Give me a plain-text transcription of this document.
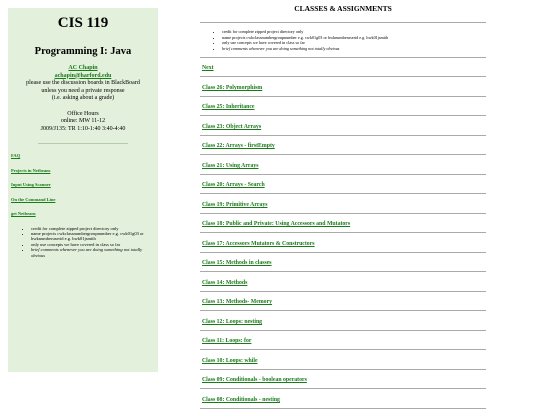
CIS 119
Programming I: Java
AC Chapin
achapin@harford.edu
please use the discussion boards in BlackBoard
unless you need a private response
(i.e. asking about a grade)
Office Hours
online: MW 11-12
J009/J135: TR 1:10-1:40 3:40-4:40
FAQ
Projects in Netbeans
Input Using Scanner
On the Command Line
get Netbeans
• credit for complete zipped project directory only
• name projects cwkclassnumbergroupnumber e.g. cwk01g03 or hwknumberuserid e.g. hwk01jsmith
• only use concepts we have covered in class so far
• brief comments whenever you are doing something not totally obvious
CLASSES & ASSIGNMENTS
• credit for complete zipped project directory only
• name projects cwkclassnumbergroupnumber e.g. cwk01g03 or hwknumberuserid e.g. hwk01jsmith
• only use concepts we have covered in class so far
• brief comments whenever you are doing something not totally obvious
Next
Class 26: Polymorphism
Class 25: Inheritance
Class 23: Object Arrays
Class 22: Arrays - firstEmpty
Class 21: Using Arrays
Class 20: Arrays - Search
Class 19: Primitive Arrays
Class 18: Public and Private: Using Accessors and Mutators
Class 17: Accessors Mutators & Constructors
Class 15: Methods in classes
Class 14: Methods
Class 13: Methods- Memory
Class 12: Loops: nesting
Class 11: Loops: for
Class 10: Loops: while
Class 09: Conditionals - boolean operators
Class 08: Conditionals - nesting
